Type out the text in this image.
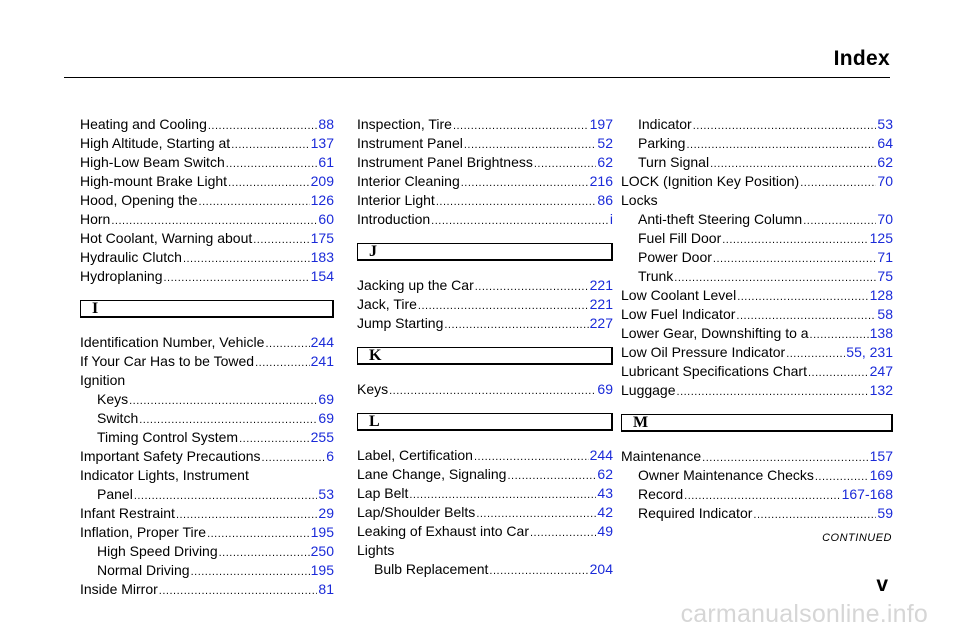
Index
Heating and Cooling .....	88
High Altitude, Starting at .....	137
High-Low Beam Switch .....	61
High-mount Brake Light .....	209
Hood, Opening the .....	126
Horn .....	60
Hot Coolant, Warning about .....	175
Hydraulic Clutch .....	183
Hydroplaning .....	154
I
Identification Number, Vehicle .....	244
If Your Car Has to be Towed .....	241
Ignition
Keys .....	69
Switch .....	69
Timing Control System .....	255
Important Safety Precautions .....	6
Indicator Lights, Instrument
Panel .....	53
Infant Restraint .....	29
Inflation, Proper Tire .....	195
High Speed Driving .....	250
Normal Driving .....	195
Inside Mirror .....	81
Inspection, Tire .....	197
Instrument Panel .....	52
Instrument Panel Brightness .....	62
Interior Cleaning .....	216
Interior Light .....	86
Introduction .....	i
J
Jacking up the Car .....	221
Jack, Tire .....	221
Jump Starting .....	227
K
Keys .....	69
L
Label, Certification .....	244
Lane Change, Signaling .....	62
Lap Belt .....	43
Lap/Shoulder Belts .....	42
Leaking of Exhaust into Car .....	49
Lights
Bulb Replacement .....	204
Indicator .....	53
Parking .....	64
Turn Signal .....	62
LOCK (Ignition Key Position) .....	70
Locks
Anti-theft Steering Column .....	70
Fuel Fill Door .....	125
Power Door .....	71
Trunk .....	75
Low Coolant Level .....	128
Low Fuel Indicator .....	58
Lower Gear, Downshifting to a .....	138
Low Oil Pressure Indicator .....	55, 231
Lubricant Specifications Chart .....	247
Luggage .....	132
M
Maintenance .....	157
Owner Maintenance Checks .....	169
Record .....	167-168
Required Indicator .....	59
CONTINUED
v
carmanualsonline.info
